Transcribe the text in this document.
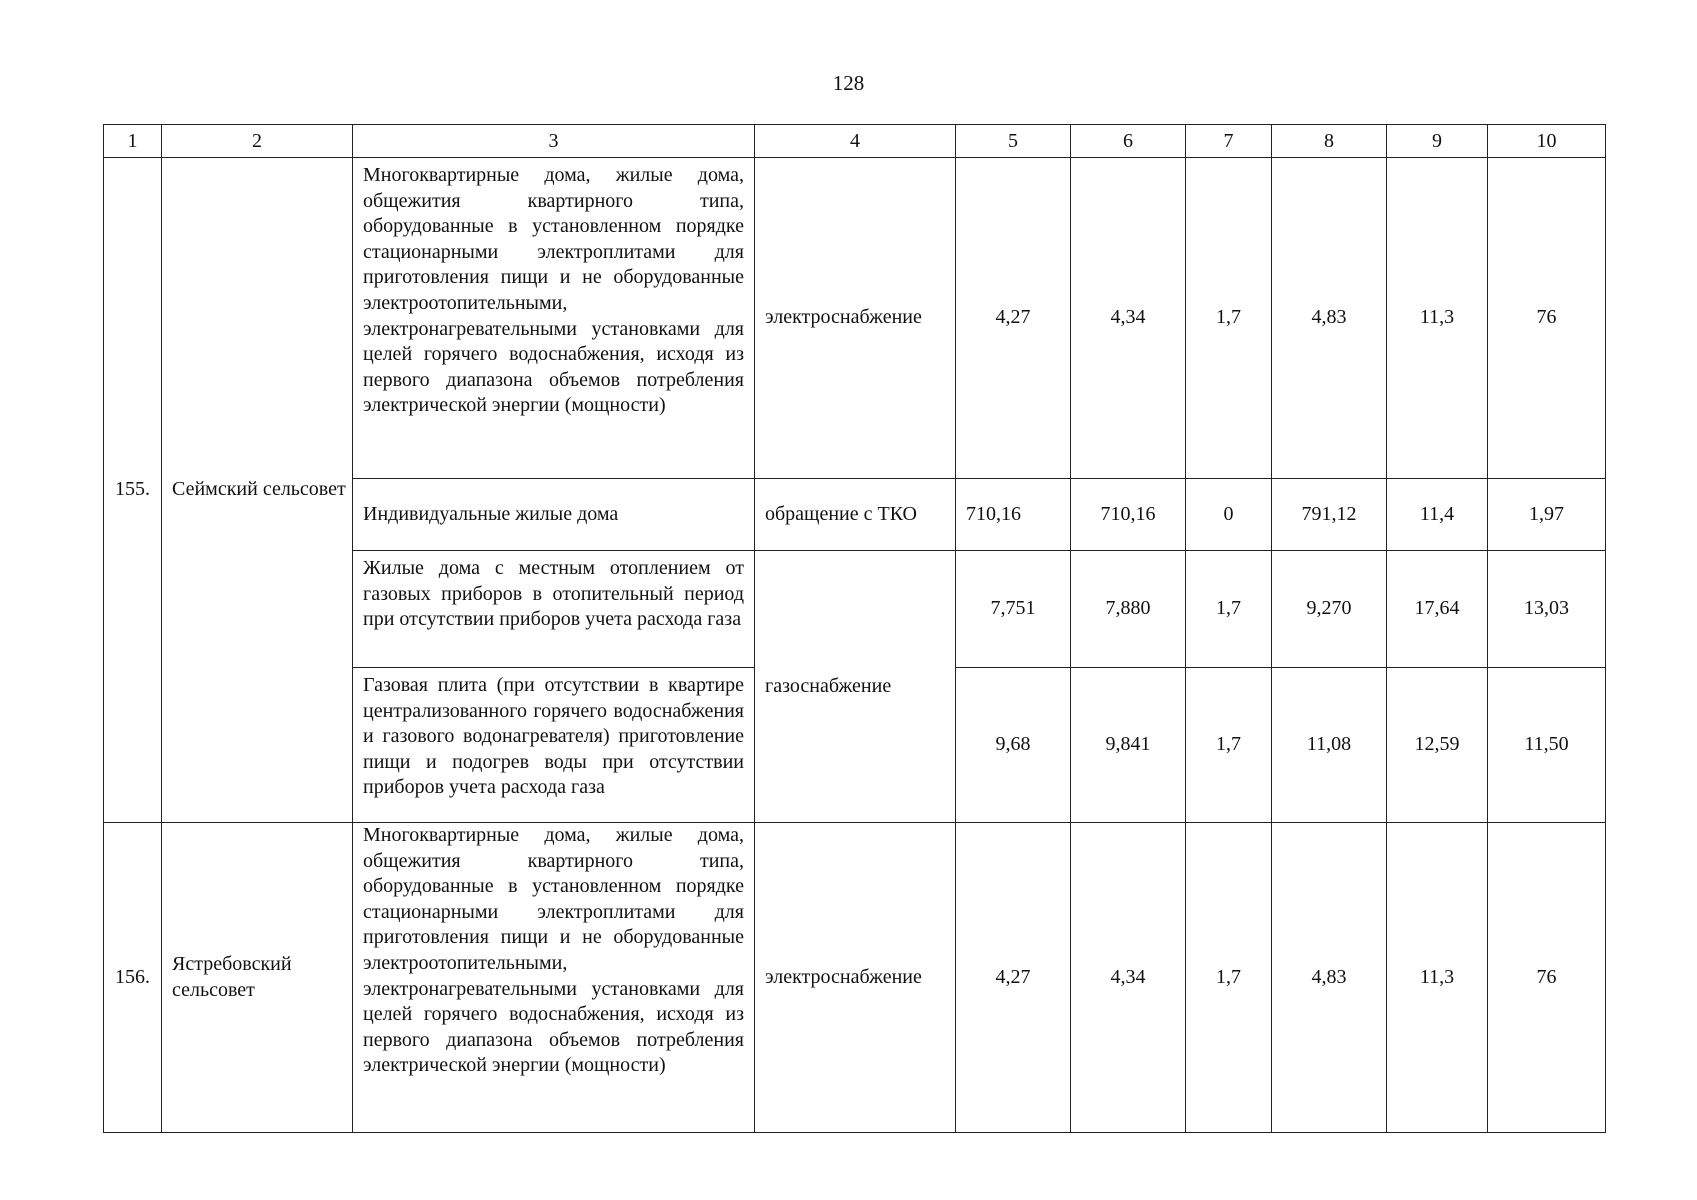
128
1	2	3	4	5	6	7	8	9	10
155.	Сеймский сельсовет	Многоквартирные дома, жилые дома, общежития квартирного типа, оборудованные в установленном порядке стационарными электроплитами для приготовления пищи и не оборудованные электроотопительными, электронагревательными установками для целей горячего водоснабжения, исходя из первого диапазона объемов потребления электрической энергии (мощности)	электроснабжение	4,27	4,34	1,7	4,83	11,3	76
		Индивидуальные жилые дома	обращение с ТКО	710,16	710,16	0	791,12	11,4	1,97
		Жилые дома с местным отоплением от газовых приборов в отопительный период при отсутствии приборов учета расхода газа	газоснабжение	7,751	7,880	1,7	9,270	17,64	13,03
		Газовая плита (при отсутствии в квартире централизованного горячего водоснабжения и газового водонагревателя) приготовление пищи и подогрев воды при отсутствии приборов учета расхода газа		9,68	9,841	1,7	11,08	12,59	11,50
156.	Ястребовский сельсовет	Многоквартирные дома, жилые дома, общежития квартирного типа, оборудованные в установленном порядке стационарными электроплитами для приготовления пищи и не оборудованные электроотопительными, электронагревательными установками для целей горячего водоснабжения, исходя из первого диапазона объемов потребления электрической энергии (мощности)	электроснабжение	4,27	4,34	1,7	4,83	11,3	76
